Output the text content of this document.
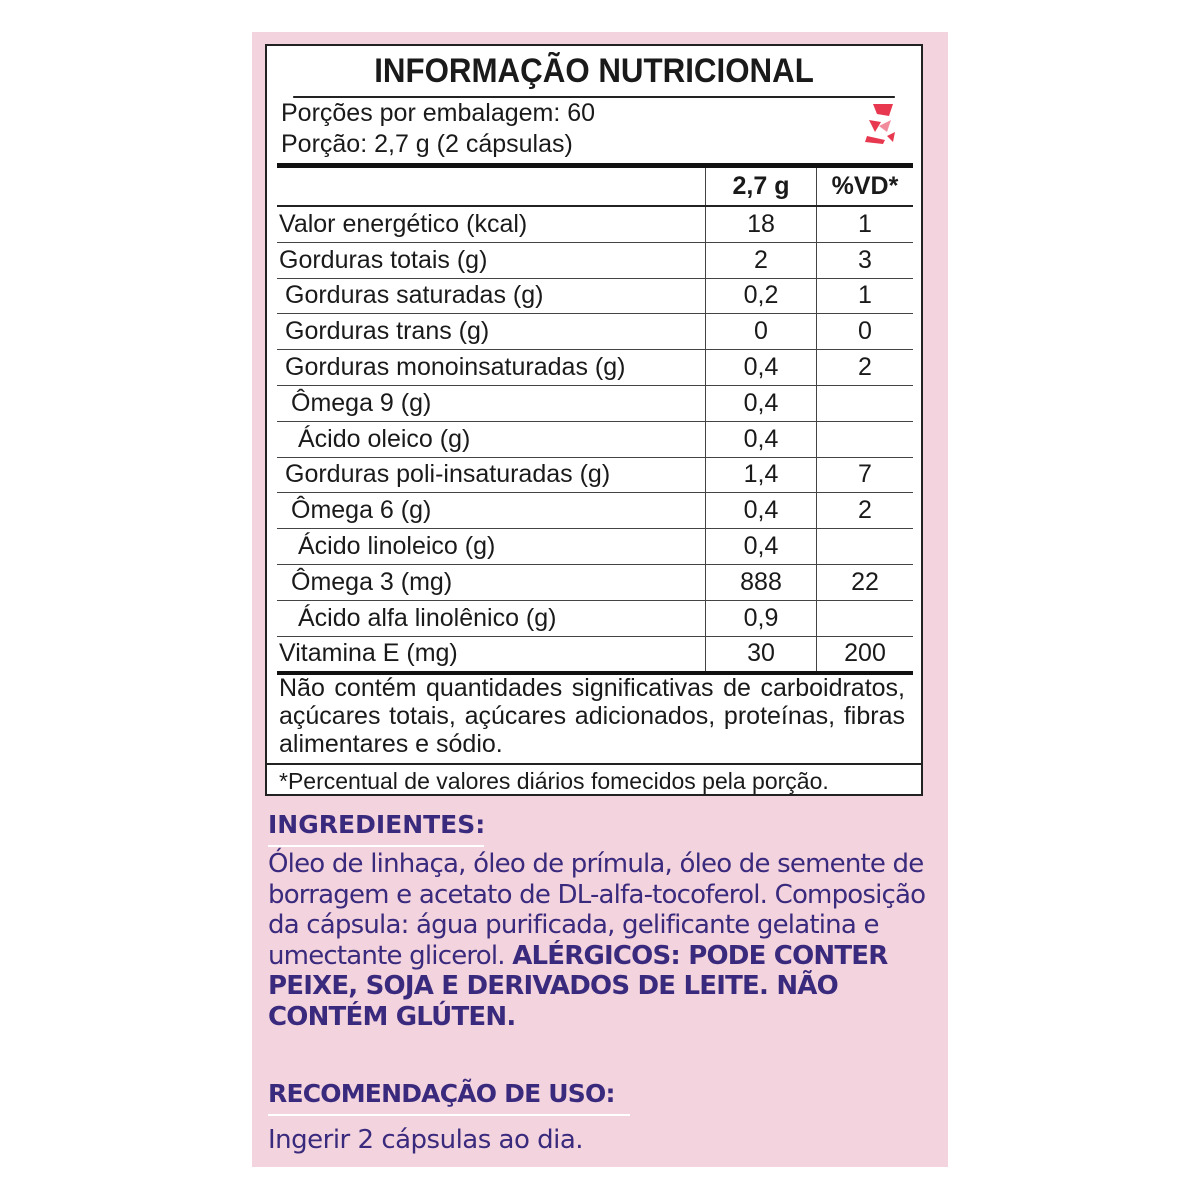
INFORMAÇÃO NUTRICIONAL
Porções por embalagem: 60
Porção: 2,7 g (2 cápsulas)
	2,7 g	%VD*
Valor energético (kcal)	18	1
Gorduras totais (g)	2	3
Gorduras saturadas (g)	0,2	1
Gorduras trans (g)	0	0
Gorduras monoinsaturadas (g)	0,4	2
Ômega 9 (g)	0,4	
Ácido oleico (g)	0,4	
Gorduras poli-insaturadas (g)	1,4	7
Ômega 6 (g)	0,4	2
Ácido linoleico (g)	0,4	
Ômega 3 (mg)	888	22
Ácido alfa linolênico (g)	0,9	
Vitamina E (mg)	30	200
Não contém quantidades significativas de carboidratos, açúcares totais, açúcares adicionados, proteínas, fibras alimentares e sódio.
*Percentual de valores diários fomecidos pela porção.
INGREDIENTES:
Óleo de linhaça, óleo de prímula, óleo de semente de borragem e acetato de DL-alfa-tocoferol. Composição da cápsula: água purificada, gelificante gelatina e umectante glicerol. ALÉRGICOS: PODE CONTER PEIXE, SOJA E DERIVADOS DE LEITE. NÃO CONTÉM GLÚTEN.
RECOMENDAÇÃO DE USO:
Ingerir 2 cápsulas ao dia.
